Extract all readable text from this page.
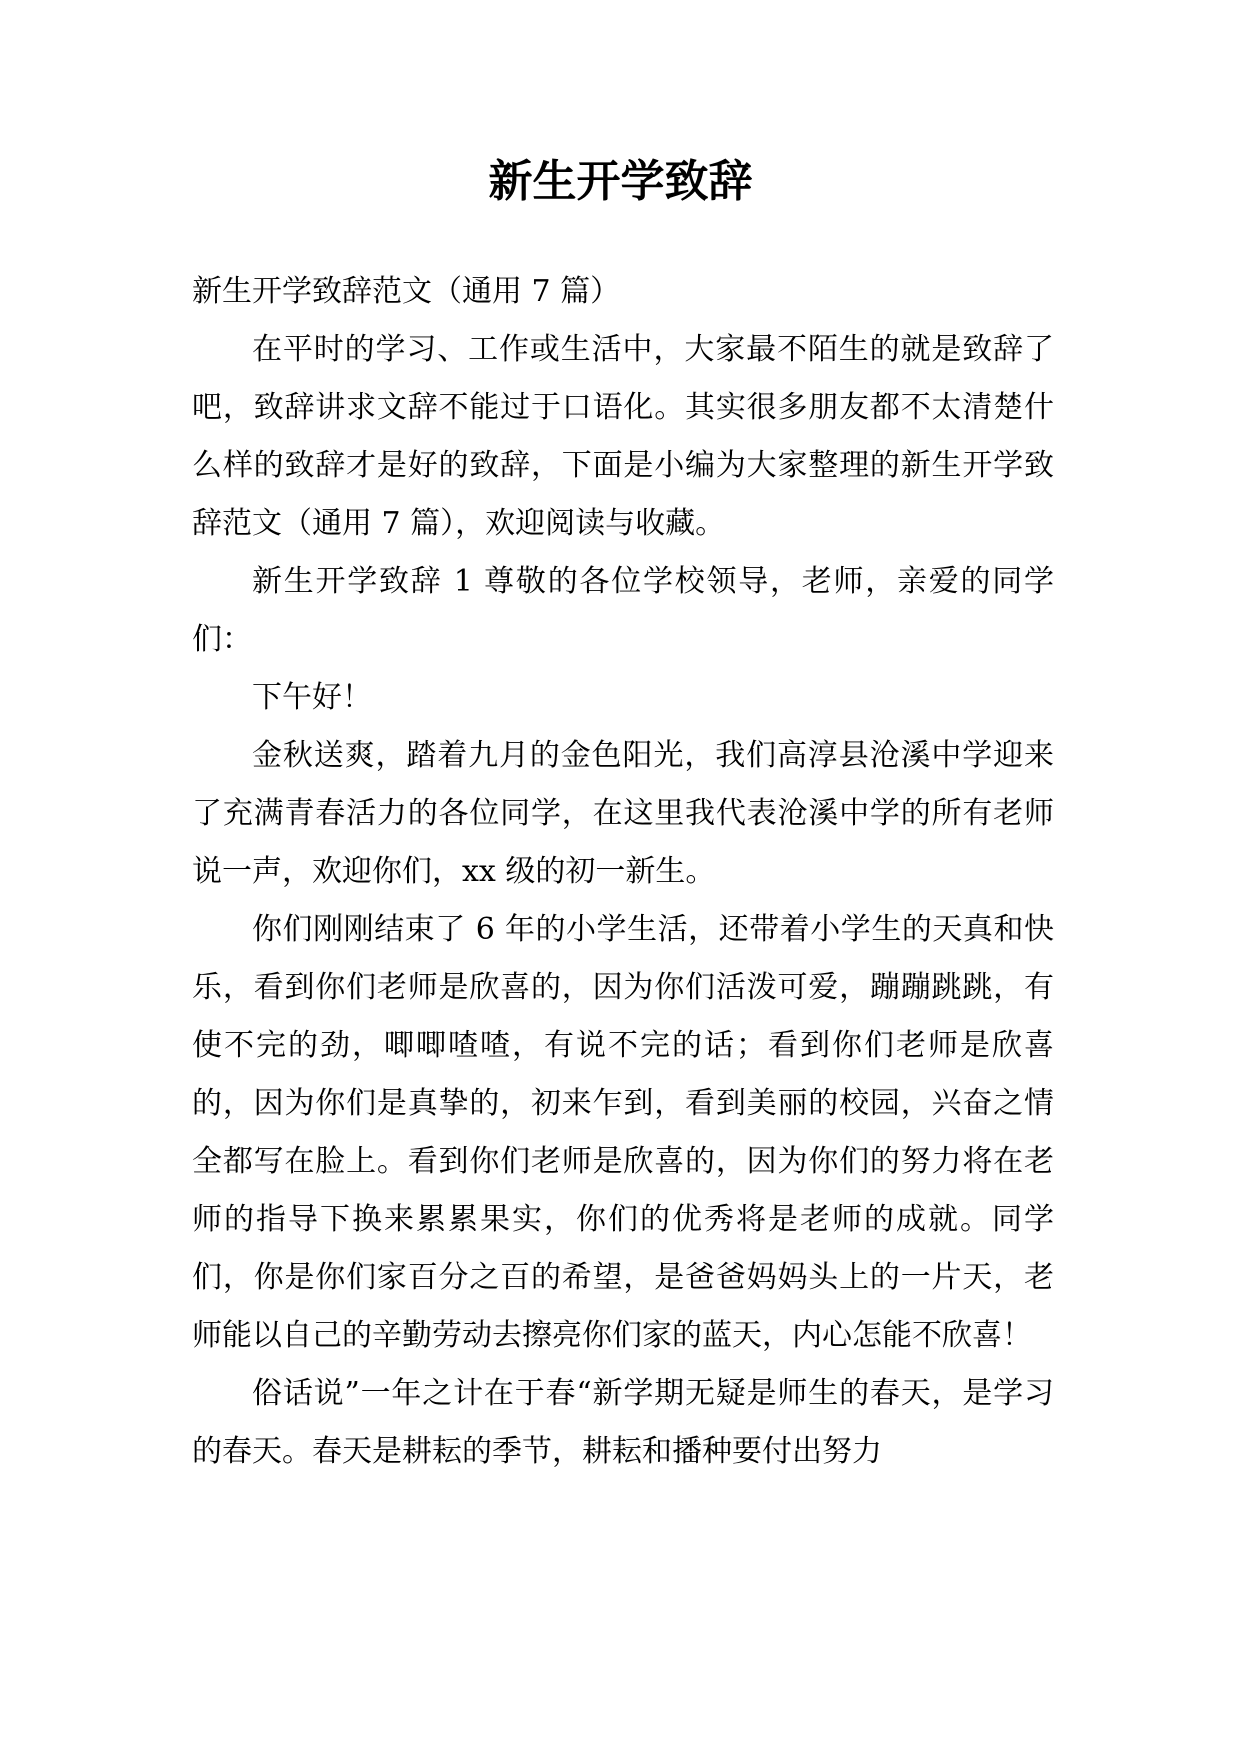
新生开学致辞

新生开学致辞范文（通用 7 篇）

在平时的学习、工作或生活中，大家最不陌生的就是致辞了吧，致辞讲求文辞不能过于口语化。其实很多朋友都不太清楚什么样的致辞才是好的致辞，下面是小编为大家整理的新生开学致辞范文（通用 7 篇），欢迎阅读与收藏。

新生开学致辞 1 尊敬的各位学校领导，老师，亲爱的同学们：

下午好！

金秋送爽，踏着九月的金色阳光，我们高淳县沧溪中学迎来了充满青春活力的各位同学，在这里我代表沧溪中学的所有老师说一声，欢迎你们，xx 级的初一新生。

你们刚刚结束了 6 年的小学生活，还带着小学生的天真和快乐，看到你们老师是欣喜的，因为你们活泼可爱，蹦蹦跳跳，有使不完的劲，唧唧喳喳，有说不完的话；看到你们老师是欣喜的，因为你们是真挚的，初来乍到，看到美丽的校园，兴奋之情全都写在脸上。看到你们老师是欣喜的，因为你们的努力将在老师的指导下换来累累果实，你们的优秀将是老师的成就。同学们，你是你们家百分之百的希望，是爸爸妈妈头上的一片天，老师能以自己的辛勤劳动去擦亮你们家的蓝天，内心怎能不欣喜！

俗话说”一年之计在于春“新学期无疑是师生的春天，是学习的春天。春天是耕耘的季节，耕耘和播种要付出努力
